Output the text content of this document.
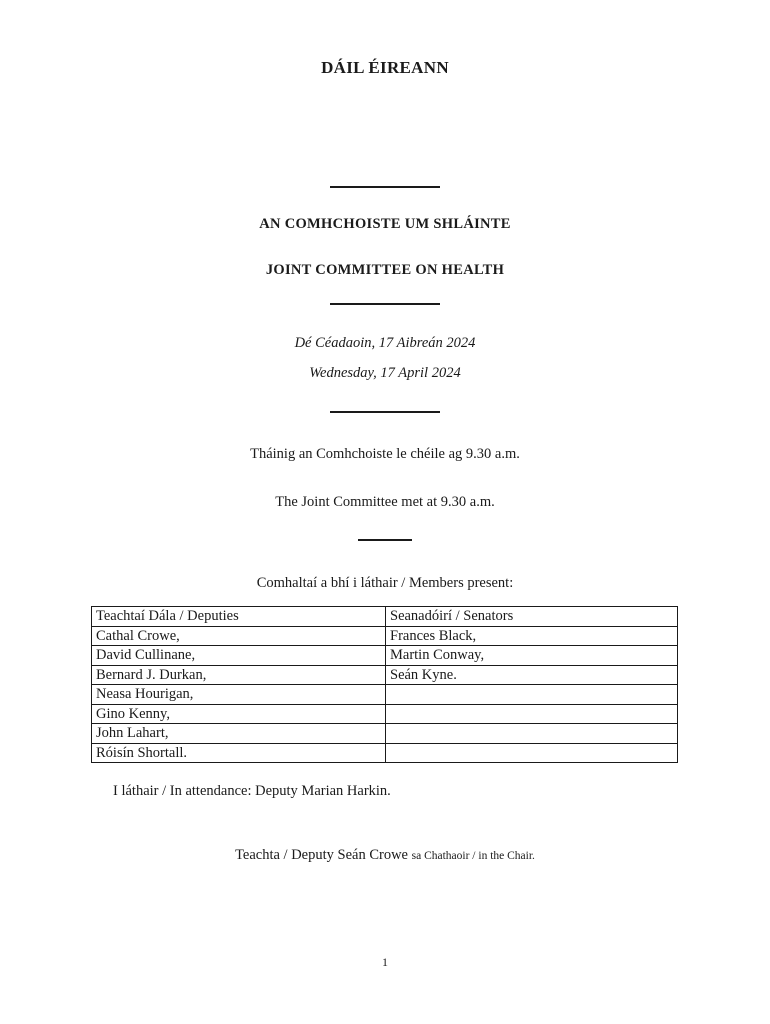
DÁIL ÉIREANN
AN COMHCHOISTE UM SHLÁINTE
JOINT COMMITTEE ON HEALTH
Dé Céadaoin, 17 Aibreán 2024
Wednesday, 17 April 2024
Tháinig an Comhchoiste le chéile ag 9.30 a.m.
The Joint Committee met at 9.30 a.m.
Comhaltaí a bhí i láthair / Members present:
Teachtaí Dála / Deputies	Seanadóirí / Senators
Cathal Crowe,	Frances Black,
David Cullinane,	Martin Conway,
Bernard J. Durkan,	Seán Kyne.
Neasa Hourigan,	
Gino Kenny,	
John Lahart,	
Róisín Shortall.	
I láthair / In attendance: Deputy Marian Harkin.
Teachta / Deputy Seán Crowe sa Chathaoir / in the Chair.
1
